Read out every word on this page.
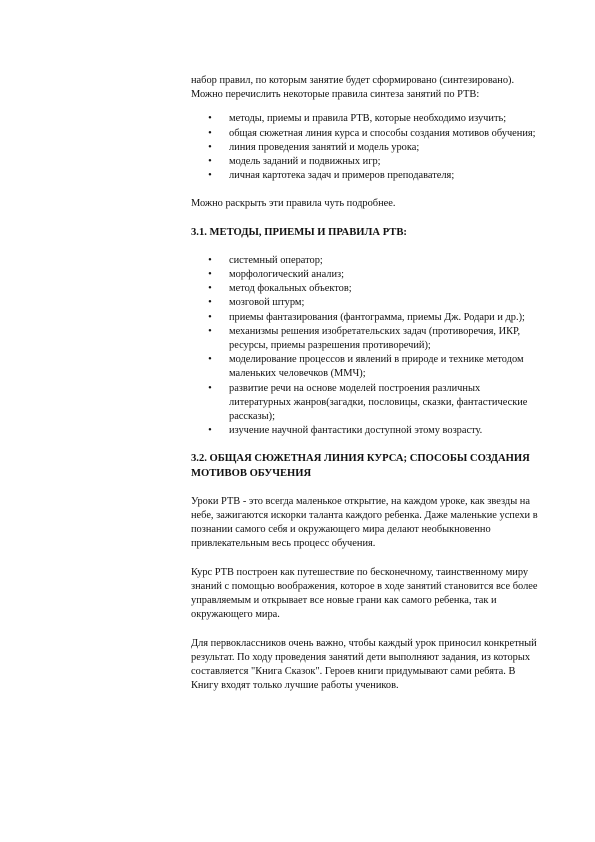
набор правил, по которым занятие будет сформировано (синтезировано). Можно перечислить некоторые правила синтеза занятий по РТВ:

•	методы, приемы и правила РТВ, которые необходимо изучить;
•	общая сюжетная линия курса и способы создания мотивов обучения;
•	линия проведения занятий и модель урока;
•	модель заданий и подвижных игр;
•	личная картотека задач и примеров преподавателя;

Можно раскрыть эти правила чуть подробнее.

3.1. МЕТОДЫ, ПРИЕМЫ И ПРАВИЛА РТВ:
•	системный оператор;
•	морфологический анализ;
•	метод фокальных объектов;
•	мозговой штурм;
•	приемы фантазирования (фантограмма, приемы Дж. Родари и др.);
•	механизмы решения изобретательских задач (противоречия, ИКР, ресурсы, приемы разрешения противоречий);
•	моделирование процессов и явлений в природе и технике методом маленьких человечков (ММЧ);
•	развитие речи на основе моделей построения различных литературных жанров(загадки, пословицы, сказки, фантастические рассказы);
•	изучение научной фантастики доступной этому возрасту.
3.2. ОБЩАЯ СЮЖЕТНАЯ ЛИНИЯ КУРСА; СПОСОБЫ СОЗДАНИЯ МОТИВОВ ОБУЧЕНИЯ

Уроки РТВ - это всегда маленькое открытие, на каждом уроке, как звезды на небе, зажигаются искорки таланта каждого ребенка. Даже маленькие успехи в познании самого себя и окружающего мира делают необыкновенно привлекательным весь процесс обучения.

Курс РТВ построен как путешествие по бесконечному, таинственному миру знаний с помощью воображения, которое в ходе занятий становится все более управляемым и открывает все новые грани как самого ребенка, так и окружающего мира.

Для первоклассников очень важно, чтобы каждый урок приносил конкретный результат. По ходу проведения занятий дети выполняют задания, из которых составляется "Книга Сказок". Героев книги придумывают сами ребята. В Книгу входят только лучшие работы учеников.
